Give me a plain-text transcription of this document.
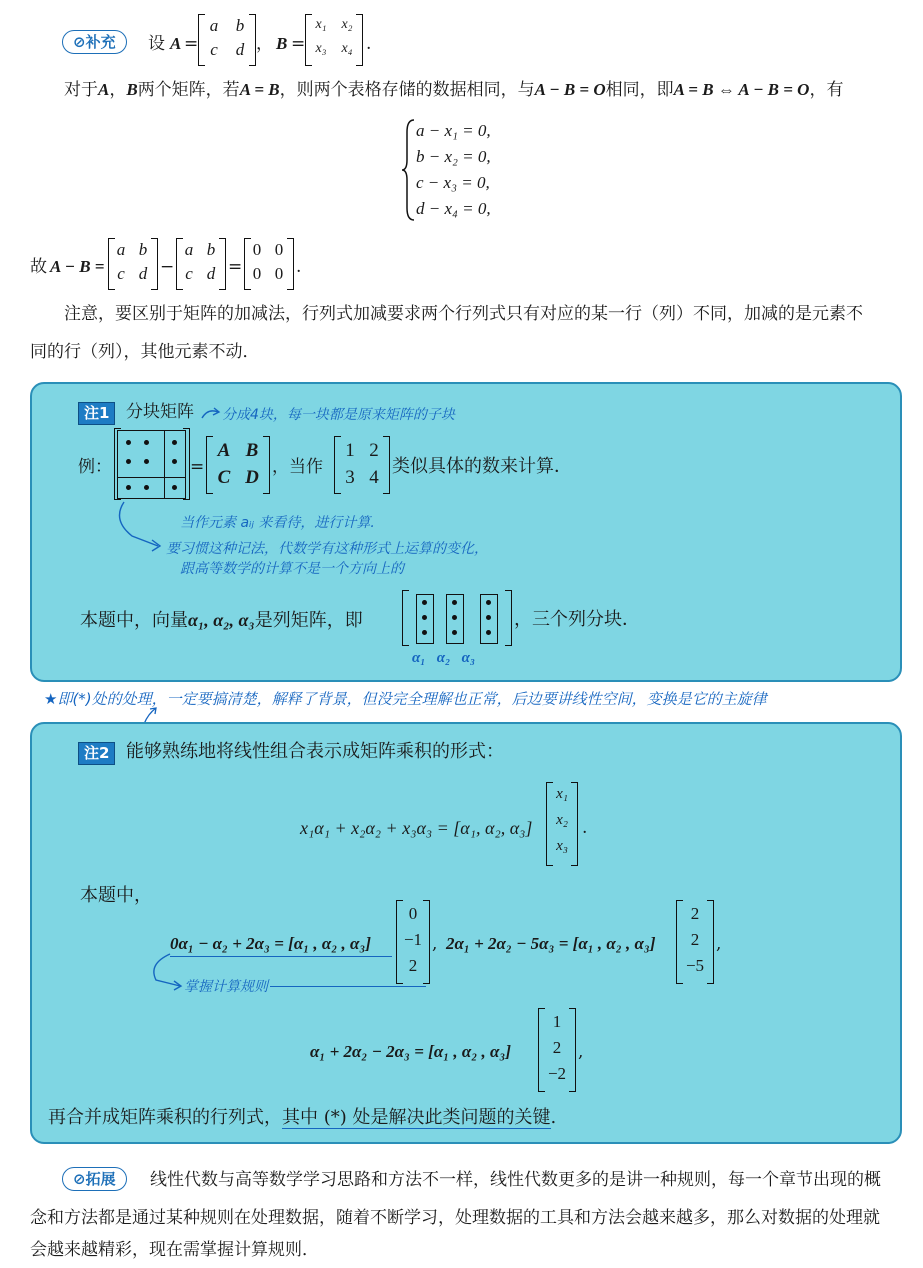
⊘补充	设 A =
a b
c	d ， B =
x₁	x₂
x₃	x₄ .
对于A，B两个矩阵，若A = B，则两个表格存储的数据相同，与A − B = O相同，即A = B ⇔ A − B = O，有
a − x₁ = 0,
b − x₂ = 0,
c − x₃ = 0,
d − x₄ = 0,
故 A − B =
a b
c d −
a b
c d =
0 0
0 0 .
注意，要区别于矩阵的加减法，行列式加减要求两个行列式只有对应的某一行（列）不同，加减的是元素不
同的行（列），其他元素不动．
注1 分块矩阵 分成4块，每一块都是原来矩阵的子块
例：	=
A B
C D ，当作
1 2
3 4
类似具体的数来计算．
当作元素 aᵢⱼ 来看待，进行计算.
要习惯这种记法，代数学有这种形式上运算的变化，
跟高等数学的计算不是一个方向上的
本题中，向量α₁, α₂, α₃是列矩阵，即	，三个列分块．
α₁ α₂ α₃
★即(*)处的处理，一定要搞清楚，解释了背景，但没完全理解也正常，后边要讲线性空间，变换是它的主旋律
注2 能够熟练地将线性组合表示成矩阵乘积的形式：
x₁α₁ + x₂α₂ + x₃α₃ = [α₁, α₂, α₃]
x₁
x₂
x₃
.
本题中，
0α₁ − α₂ + 2α₃ = [α₁ , α₂ , α₃]
0
−1
2
, 2α₁ + 2α₂ − 5α₃ = [α₁ , α₂ , α₃]
2
2
−5
,
掌握计算规则
α₁ + 2α₂ − 2α₃ = [α₁ , α₂ , α₃]
1
2
−2
,
再合并成矩阵乘积的行列式，其中 (*) 处是解决此类问题的关键.
⊘拓展	线性代数与高等数学学习思路和方法不一样，线性代数更多的是讲一种规则，每一个章节出现的概
念和方法都是通过某种规则在处理数据，随着不断学习，处理数据的工具和方法会越来越多，那么对数据的处理就
会越来越精彩，现在需掌握计算规则．
